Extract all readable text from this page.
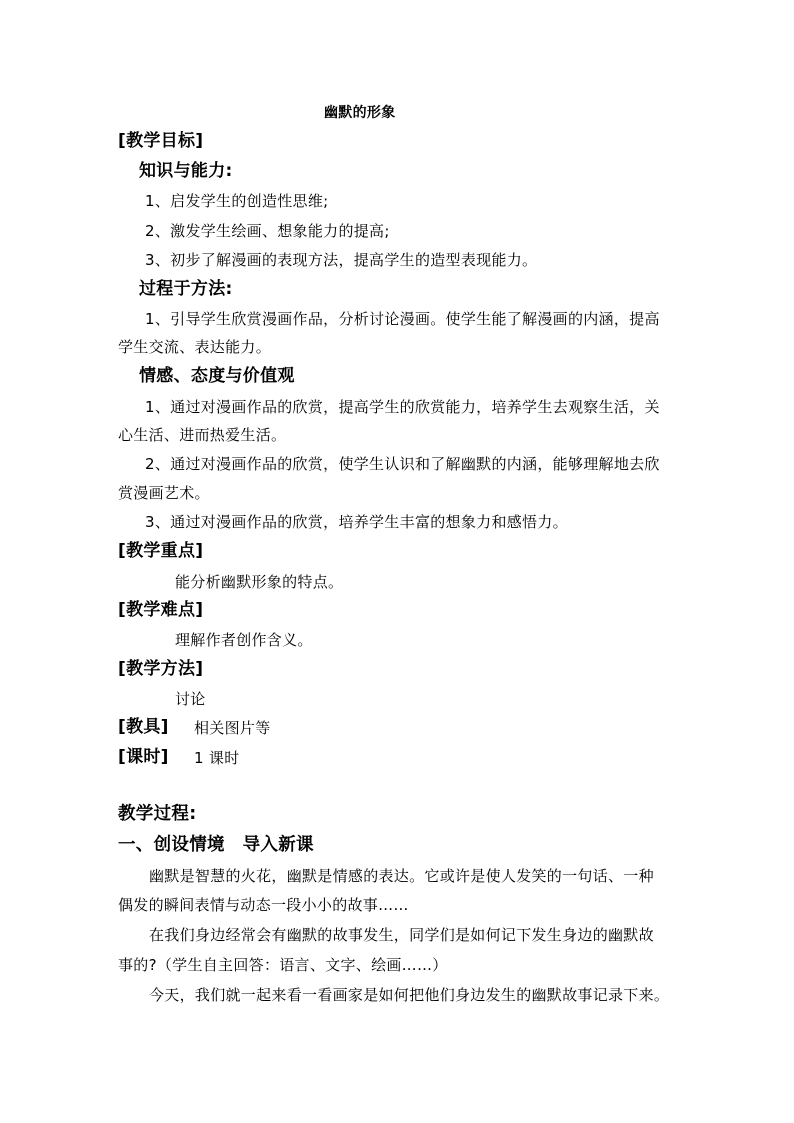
幽默的形象
[教学目标]
知识与能力:
1、启发学生的创造性思维;
2、激发学生绘画、想象能力的提高;
3、初步了解漫画的表现方法，提高学生的造型表现能力。
过程于方法:
1、引导学生欣赏漫画作品，分析讨论漫画。使学生能了解漫画的内涵，提高
学生交流、表达能力。
情感、态度与价值观
1、通过对漫画作品的欣赏，提高学生的欣赏能力，培养学生去观察生活，关
心生活、进而热爱生活。
2、通过对漫画作品的欣赏，使学生认识和了解幽默的内涵，能够理解地去欣
赏漫画艺术。
3、通过对漫画作品的欣赏，培养学生丰富的想象力和感悟力。
[教学重点]
能分析幽默形象的特点。
[教学难点]
理解作者创作含义。
[教学方法]
讨论
[教具] 相关图片等
[课时] 1 课时
教学过程:
一、创设情境　导入新课
幽默是智慧的火花，幽默是情感的表达。它或许是使人发笑的一句话、一种
偶发的瞬间表情与动态一段小小的故事……
在我们身边经常会有幽默的故事发生，同学们是如何记下发生身边的幽默故
事的?（学生自主回答：语言、文字、绘画……）
今天，我们就一起来看一看画家是如何把他们身边发生的幽默故事记录下来。
